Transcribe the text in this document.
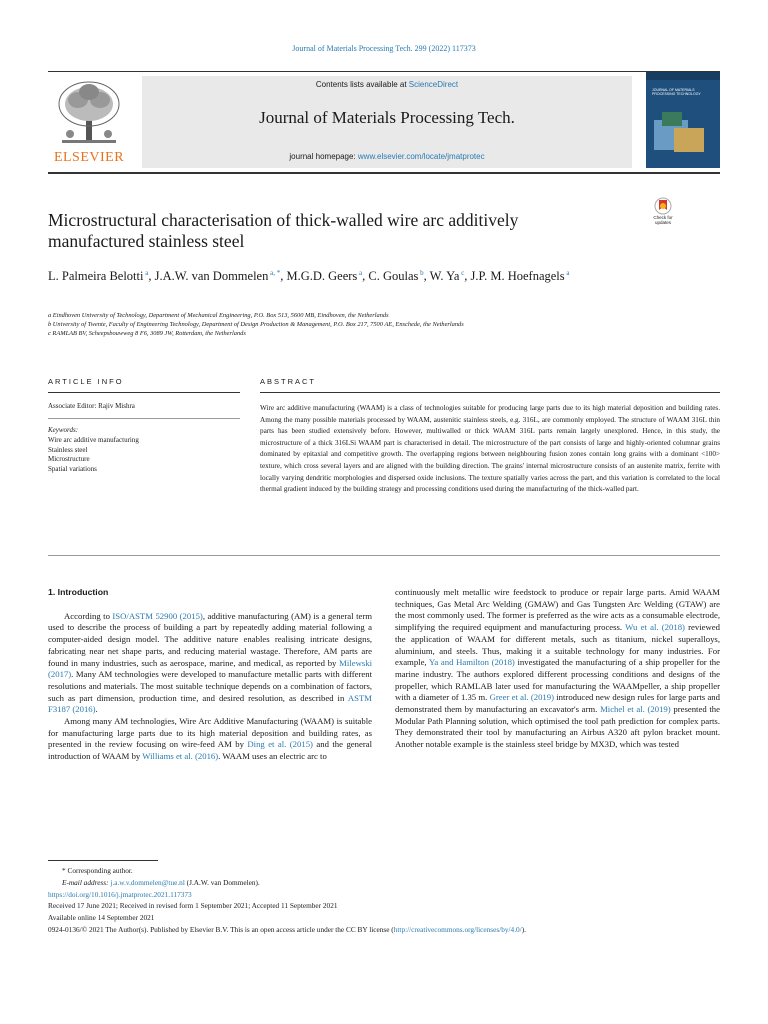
Journal of Materials Processing Tech. 299 (2022) 117373
ELSEVIER
Contents lists available at ScienceDirect
Journal of Materials Processing Tech.
journal homepage: www.elsevier.com/locate/jmatprotec
JOURNAL OF MATERIALS PROCESSING TECHNOLOGY
Microstructural characterisation of thick-walled wire arc additively manufactured stainless steel
Check for
updates
L. Palmeira Belotti $^a$, J.A.W. van Dommelen $^{a, *}$, M.G.D. Geers $^a$, C. Goulas $^b$, W. Ya $^c$, J.P. M. Hoefnagels $^a$
a Eindhoven University of Technology, Department of Mechanical Engineering, P.O. Box 513, 5600 MB, Eindhoven, the Netherlands
b University of Twente, Faculty of Engineering Technology, Department of Design Production & Management, P.O. Box 217, 7500 AE, Enschede, the Netherlands
c RAMLAB BV, Scheepsbouwweg 8 F6, 3089 JW, Rotterdam, the Netherlands
ARTICLE INFO	ABSTRACT
Associate Editor: Rajiv Mishra
Keywords:
Wire arc additive manufacturing
Stainless steel
Microstructure
Spatial variations
Wire arc additive manufacturing (WAAM) is a class of technologies suitable for producing large parts due to its high material deposition and building rates. Among the many possible materials processed by WAAM, austenitic stainless steels, e.g. 316L, are commonly employed. The structure of WAAM 316L thin parts has been studied extensively before. However, multiwalled or thick WAAM 316L parts remain largely unexplored. Hence, in this study, the microstructure of a thick 316LSi WAAM part is characterised in detail. The microstructure of the part consists of large and highly-oriented columnar grains dominated by epitaxial and competitive growth. The overlapping regions between neighbouring fusion zones contain long grains with a dominant <100> texture, which cross several layers and are aligned with the building direction. The grains' internal microstructure consists of an austenite matrix, ferrite with locally varying dendritic morphologies and dispersed oxide inclusions. The texture spatially varies across the part, and this variation is correlated to the local thermal gradient induced by the building strategy and processing conditions used during the manufacturing of the thick-walled part.
1. Introduction

According to ISO/ASTM 52900 (2015), additive manufacturing (AM) is a general term used to describe the process of building a part by repeatedly adding material following a computer-aided design model. The additive nature enables realising intricate designs, fabricating near net shape parts, and reducing material wastage. Therefore, AM parts are found in many industries, such as aerospace, marine, and medical, as reported by Milewski (2017). Many AM technologies were developed to manufacture metallic parts with different resolutions and materials. The most suitable technique depends on a combination of factors, such as part dimension, production time, and desired resolution, as described in ASTM F3187 (2016).

Among many AM technologies, Wire Arc Additive Manufacturing (WAAM) is suitable for manufacturing large parts due to its high material deposition and building rates, as presented in the review focusing on wire-feed AM by Ding et al. (2015) and the general introduction of WAAM by Williams et al. (2016). WAAM uses an electric arc to

continuously melt metallic wire feedstock to produce or repair large parts. Amid WAAM techniques, Gas Metal Arc Welding (GMAW) and Gas Tungsten Arc Welding (GTAW) are the most commonly used. The former is preferred as the wire acts as a consumable electrode, simplifying the required equipment and manufacturing process. Wu et al. (2018) reviewed the application of WAAM for different metals, such as titanium, nickel superalloys, aluminium, and steels. Thus, making it a suitable technology for many industries. For example, Ya and Hamilton (2018) investigated the manufacturing of a ship propeller for the marine industry. The authors explored different processing conditions and designs of the propeller, which RAMLAB later used for manufacturing the WAAMpeller, a ship propeller with a diameter of 1.35 m. Greer et al. (2019) introduced new design rules for large parts and demonstrated them by manufacturing an excavator's arm. Michel et al. (2019) presented the Modular Path Planning solution, which optimised the tool path prediction for complex parts. They demonstrated their tool by manufacturing an Airbus A320 aft pylon bracket mount. Another notable example is the stainless steel bridge by MX3D, which was tested

* Corresponding author.
E-mail address: j.a.w.v.dommelen@tue.nl (J.A.W. van Dommelen).
https://doi.org/10.1016/j.jmatprotec.2021.117373
Received 17 June 2021; Received in revised form 1 September 2021; Accepted 11 September 2021
Available online 14 September 2021
0924-0136/© 2021 The Author(s). Published by Elsevier B.V. This is an open access article under the CC BY license (http://creativecommons.org/licenses/by/4.0/).
